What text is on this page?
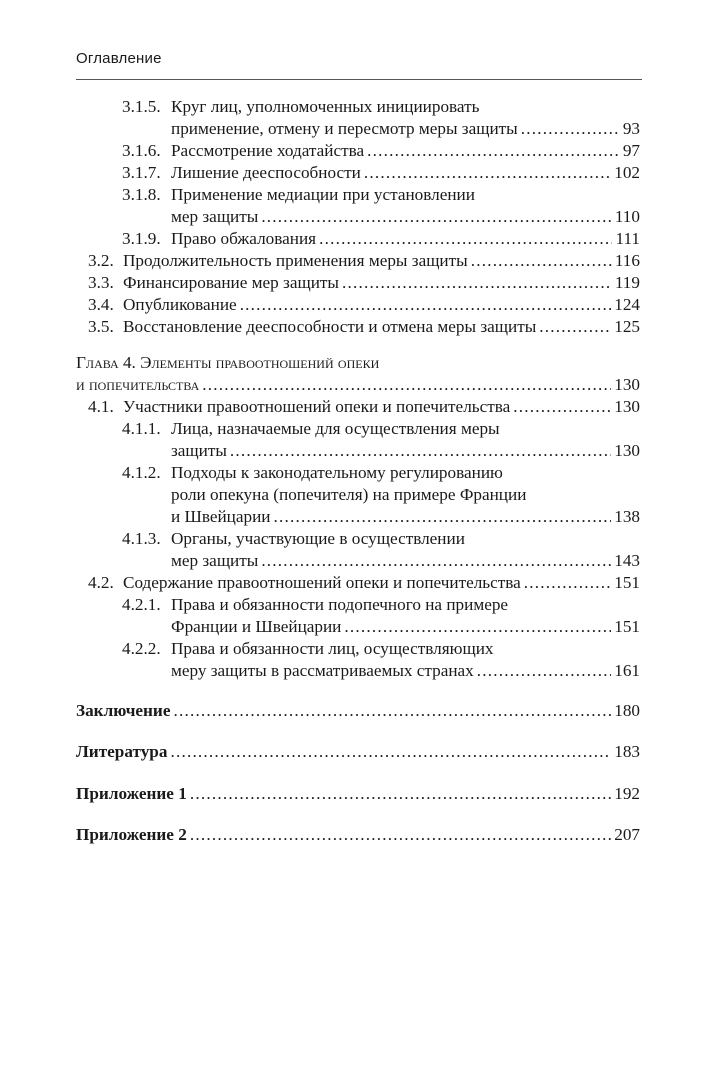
Оглавление
3.1.5. Круг лиц, уполномоченных инициировать
применение, отмену и пересмотр меры защиты .....	93
3.1.6. Рассмотрение ходатайства .....	97
3.1.7. Лишение дееспособности .....	102
3.1.8. Применение медиации при установлении
мер защиты .....	110
3.1.9. Право обжалования .....	111
3.2. Продолжительность применения меры защиты .....	116
3.3. Финансирование мер защиты .....	119
3.4. Опубликование .....	124
3.5. Восстановление дееспособности и отмена меры защиты .....	125
Глава 4. Элементы правоотношений опеки
и попечительства .....	130
4.1. Участники правоотношений опеки и попечительства .....	130
4.1.1. Лица, назначаемые для осуществления меры
защиты .....	130
4.1.2. Подходы к законодательному регулированию
роли опекуна (попечителя) на примере Франции
и Швейцарии .....	138
4.1.3. Органы, участвующие в осуществлении
мер защиты .....	143
4.2. Содержание правоотношений опеки и попечительства .....	151
4.2.1. Права и обязанности подопечного на примере
Франции и Швейцарии .....	151
4.2.2. Права и обязанности лиц, осуществляющих
меру защиты в рассматриваемых странах .....	161
Заключение .....	180
Литература .....	183
Приложение 1 .....	192
Приложение 2 .....	207
